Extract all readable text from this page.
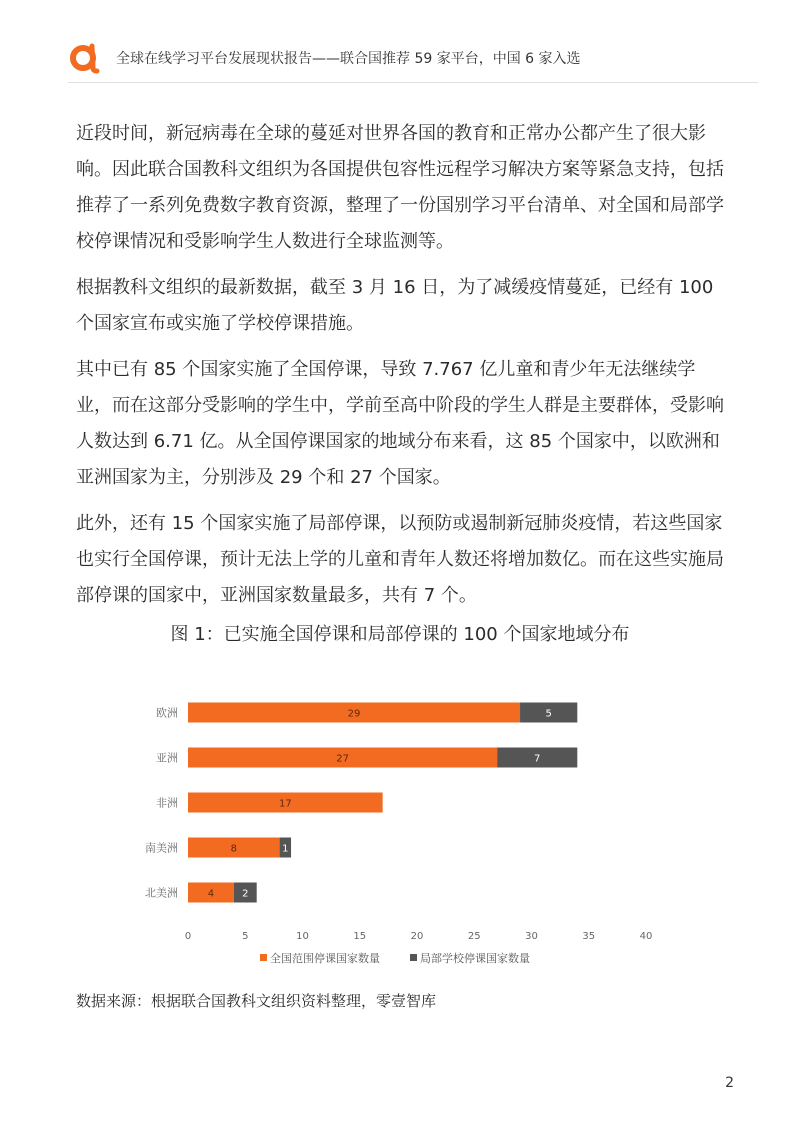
全球在线学习平台发展现状报告——联合国推荐 59 家平台，中国 6 家入选

近段时间，新冠病毒在全球的蔓延对世界各国的教育和正常办公都产生了很大影响。因此联合国教科文组织为各国提供包容性远程学习解决方案等紧急支持，包括推荐了一系列免费数字教育资源，整理了一份国别学习平台清单、对全国和局部学校停课情况和受影响学生人数进行全球监测等。

根据教科文组织的最新数据，截至 3 月 16 日，为了减缓疫情蔓延，已经有 100 个国家宣布或实施了学校停课措施。

其中已有 85 个国家实施了全国停课，导致 7.767 亿儿童和青少年无法继续学业，而在这部分受影响的学生中，学前至高中阶段的学生人群是主要群体，受影响人数达到 6.71 亿。从全国停课国家的地域分布来看，这 85 个国家中，以欧洲和亚洲国家为主，分别涉及 29 个和 27 个国家。

此外，还有 15 个国家实施了局部停课，以预防或遏制新冠肺炎疫情，若这些国家也实行全国停课，预计无法上学的儿童和青年人数还将增加数亿。而在这些实施局部停课的国家中，亚洲国家数量最多，共有 7 个。

图 1：已实施全国停课和局部停课的 100 个国家地域分布
欧洲	29	5
亚洲	27	7
非洲	17
南美洲	8	1
北美洲	4	2
0	5	10	15	20	25	30	35	40
全国范围停课国家数量	局部学校停课国家数量
数据来源：根据联合国教科文组织资料整理，零壹智库
2
